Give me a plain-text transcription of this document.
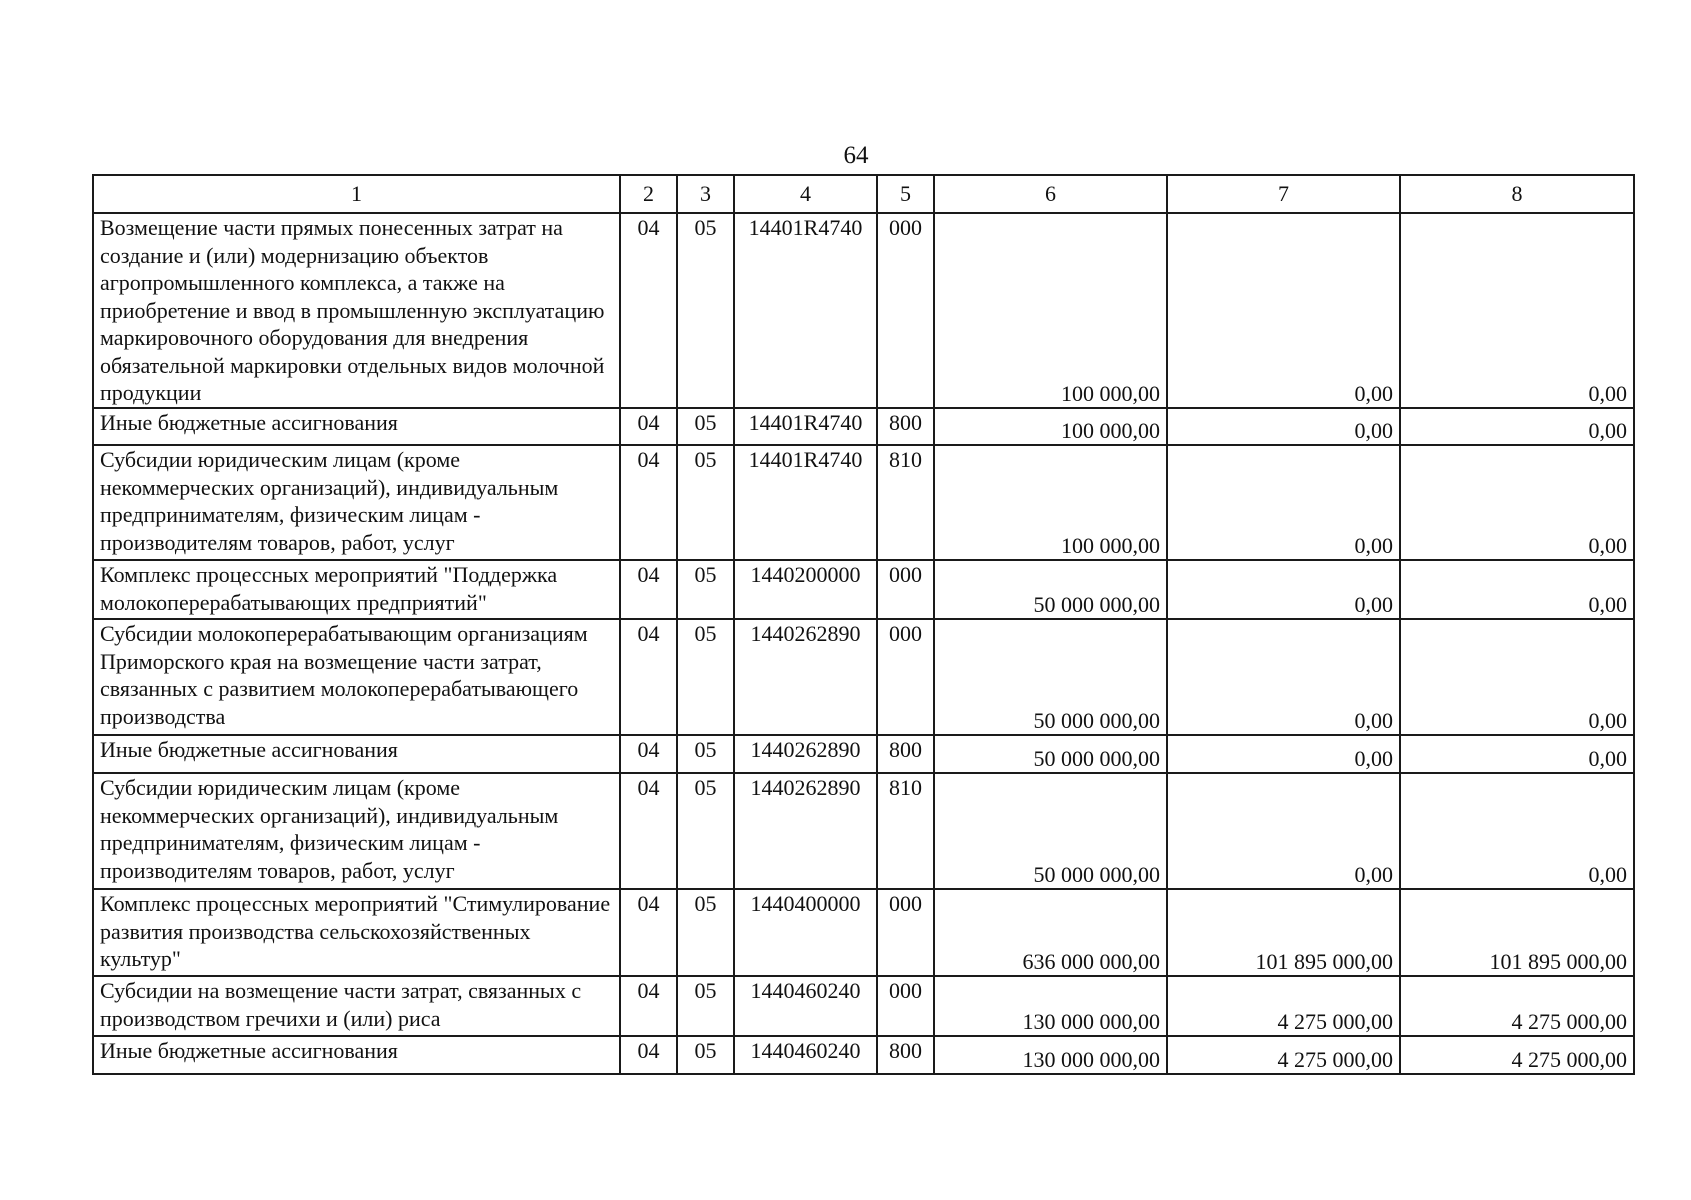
64
1	2	3	4	5	6	7	8
Возмещение части прямых понесенных затрат на создание и (или) модернизацию объектов агропромышленного комплекса, а также на приобретение и ввод в промышленную эксплуатацию маркировочного оборудования для внедрения обязательной маркировки отдельных видов молочной продукции	04	05	14401R4740	000	100 000,00	0,00	0,00
Иные бюджетные ассигнования	04	05	14401R4740	800	100 000,00	0,00	0,00
Субсидии юридическим лицам (кроме некоммерческих организаций), индивидуальным предпринимателям, физическим лицам - производителям товаров, работ, услуг	04	05	14401R4740	810	100 000,00	0,00	0,00
Комплекс процессных мероприятий "Поддержка молокоперерабатывающих предприятий"	04	05	1440200000	000	50 000 000,00	0,00	0,00
Субсидии молокоперерабатывающим организациям Приморского края на возмещение части затрат, связанных с развитием молокоперерабатывающего производства	04	05	1440262890	000	50 000 000,00	0,00	0,00
Иные бюджетные ассигнования	04	05	1440262890	800	50 000 000,00	0,00	0,00
Субсидии юридическим лицам (кроме некоммерческих организаций), индивидуальным предпринимателям, физическим лицам - производителям товаров, работ, услуг	04	05	1440262890	810	50 000 000,00	0,00	0,00
Комплекс процессных мероприятий "Стимулирование развития производства сельскохозяйственных культур"	04	05	1440400000	000	636 000 000,00	101 895 000,00	101 895 000,00
Субсидии на возмещение части затрат, связанных с производством гречихи и (или) риса	04	05	1440460240	000	130 000 000,00	4 275 000,00	4 275 000,00
Иные бюджетные ассигнования	04	05	1440460240	800	130 000 000,00	4 275 000,00	4 275 000,00
